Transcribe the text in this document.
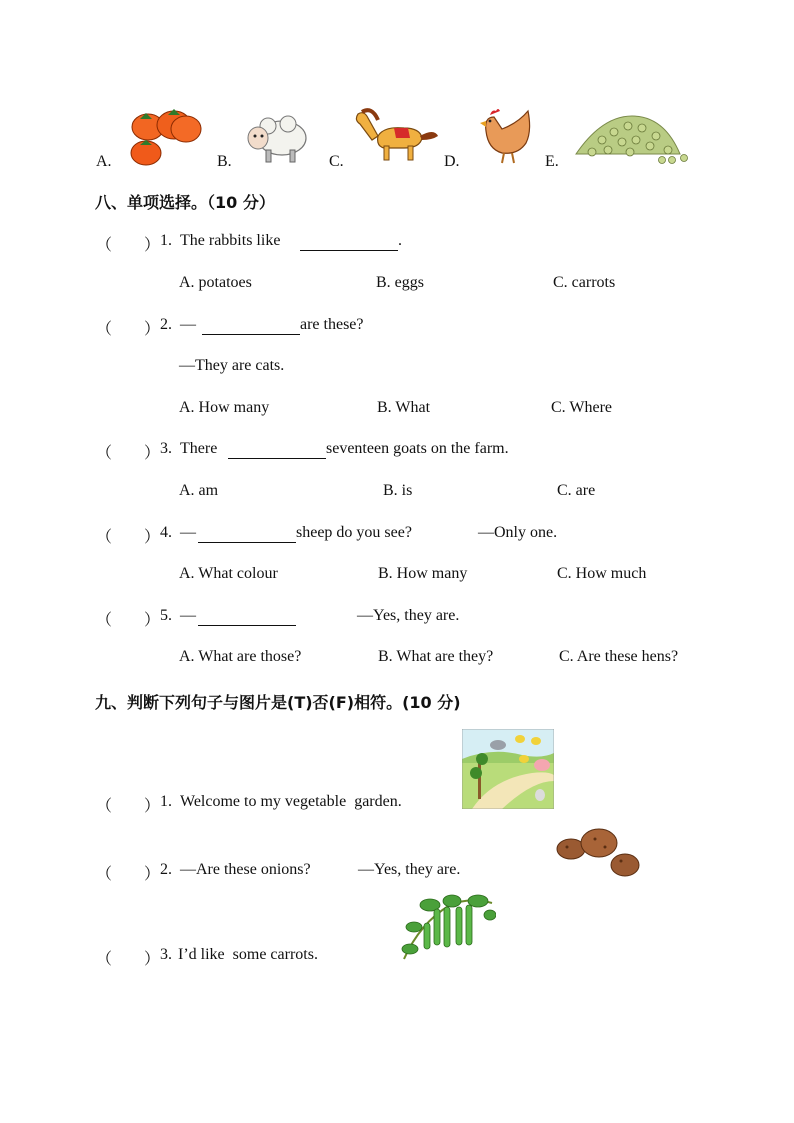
A.	B.	C.	D.	E.
八、单项选择。（10 分）
（　　） 1. The rabbits like	.
A. potatoes	B. eggs	C. carrots
（　　） 2. —	are these?
—They are cats.
A. How many	B. What	C. Where
（　　） 3. There	seventeen goats on the farm.
A. am	B. is	C. are
（　　） 4. —	sheep do you see?	—Only one.
A. What colour	B. How many	C. How much
（　　） 5. —	—Yes, they are.
A. What are those?	B. What are they?	C. Are these hens?
九、判断下列句子与图片是(T)否(F)相符。(10 分)
（　　） 1. Welcome to my vegetable  garden.
（　　） 2. —Are these onions?	—Yes, they are.
（　　） 3. I’d like  some carrots.
